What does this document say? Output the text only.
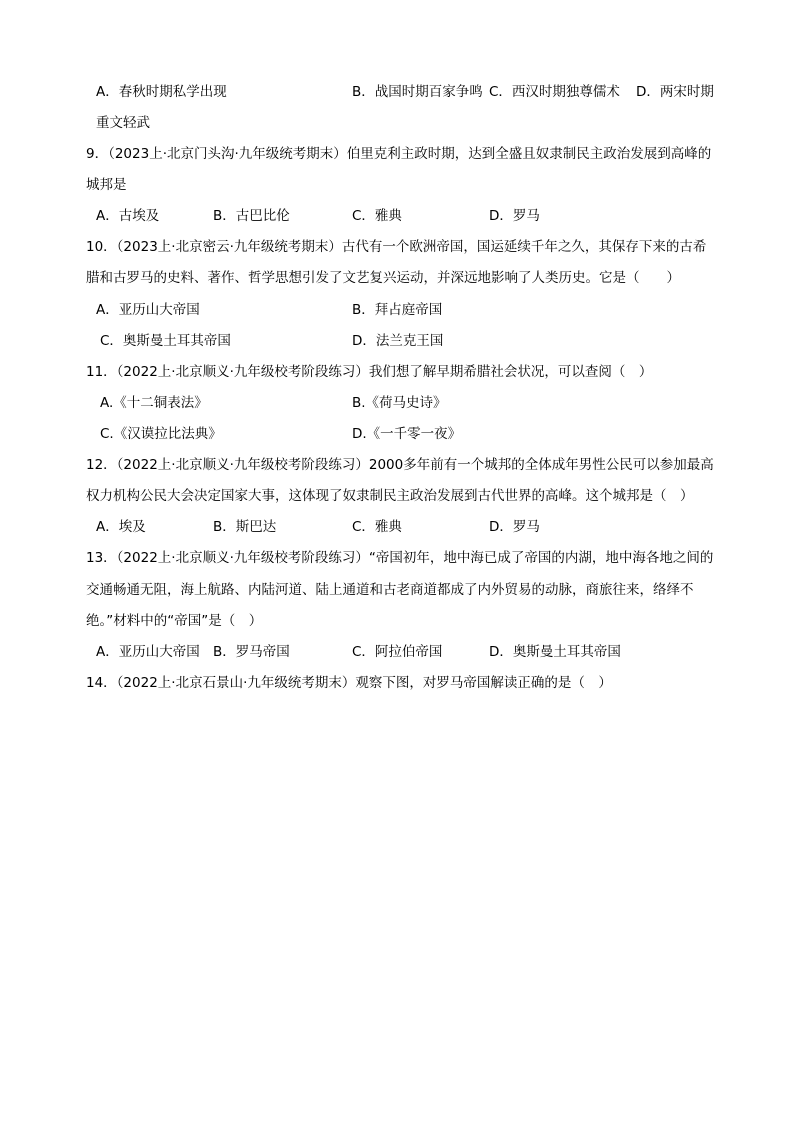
A．春秋时期私学出现	B．战国时期百家争鸣 C．西汉时期独尊儒术 D．两宋时期
重文轻武
9．（2023上·北京门头沟·九年级统考期末）伯里克利主政时期，达到全盛且奴隶制民主政治发展到高峰的
城邦是
A．古埃及	B．古巴比伦	C．雅典	D．罗马
10．（2023上·北京密云·九年级统考期末）古代有一个欧洲帝国，国运延续千年之久，其保存下来的古希
腊和古罗马的史料、著作、哲学思想引发了文艺复兴运动，并深远地影响了人类历史。它是（　　）
A．亚历山大帝国	B．拜占庭帝国
C．奥斯曼土耳其帝国	D．法兰克王国
11．（2022上·北京顺义·九年级校考阶段练习）我们想了解早期希腊社会状况，可以查阅（　）
A.《十二铜表法》	B.《荷马史诗》
C.《汉谟拉比法典》	D.《一千零一夜》
12．（2022上·北京顺义·九年级校考阶段练习）2000多年前有一个城邦的全体成年男性公民可以参加最高
权力机构公民大会决定国家大事，这体现了奴隶制民主政治发展到古代世界的高峰。这个城邦是（　）
A．埃及	B．斯巴达	C．雅典	D．罗马
13．（2022上·北京顺义·九年级校考阶段练习）“帝国初年，地中海已成了帝国的内湖，地中海各地之间的
交通畅通无阻，海上航路、内陆河道、陆上通道和古老商道都成了内外贸易的动脉，商旅往来，络绎不
绝。”材料中的“帝国”是（　）
A．亚历山大帝国 B．罗马帝国	C．阿拉伯帝国	D．奥斯曼土耳其帝国
14．（2022上·北京石景山·九年级统考期末）观察下图，对罗马帝国解读正确的是（　）
